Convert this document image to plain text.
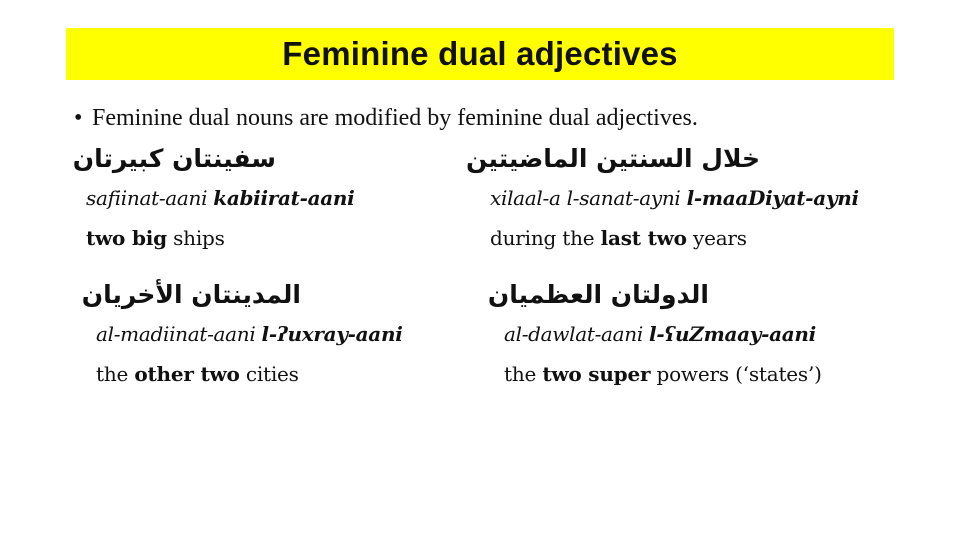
Feminine dual adjectives
• Feminine dual nouns are modified by feminine dual adjectives.
سفينتان كبيرتان
safiinat-aani kabiirat-aani
two big ships
خلال السنتين الماضيتين
xilaal-a l-sanat-ayni l-maaDiyat-ayni
during the last two years
المدينتان الأخريان
al-madiinat-aani l-ʔuxray-aani
the other two cities
الدولتان العظميان
al-dawlat-aani l-ʕuZmaay-aani
the two super powers (‘states’)
